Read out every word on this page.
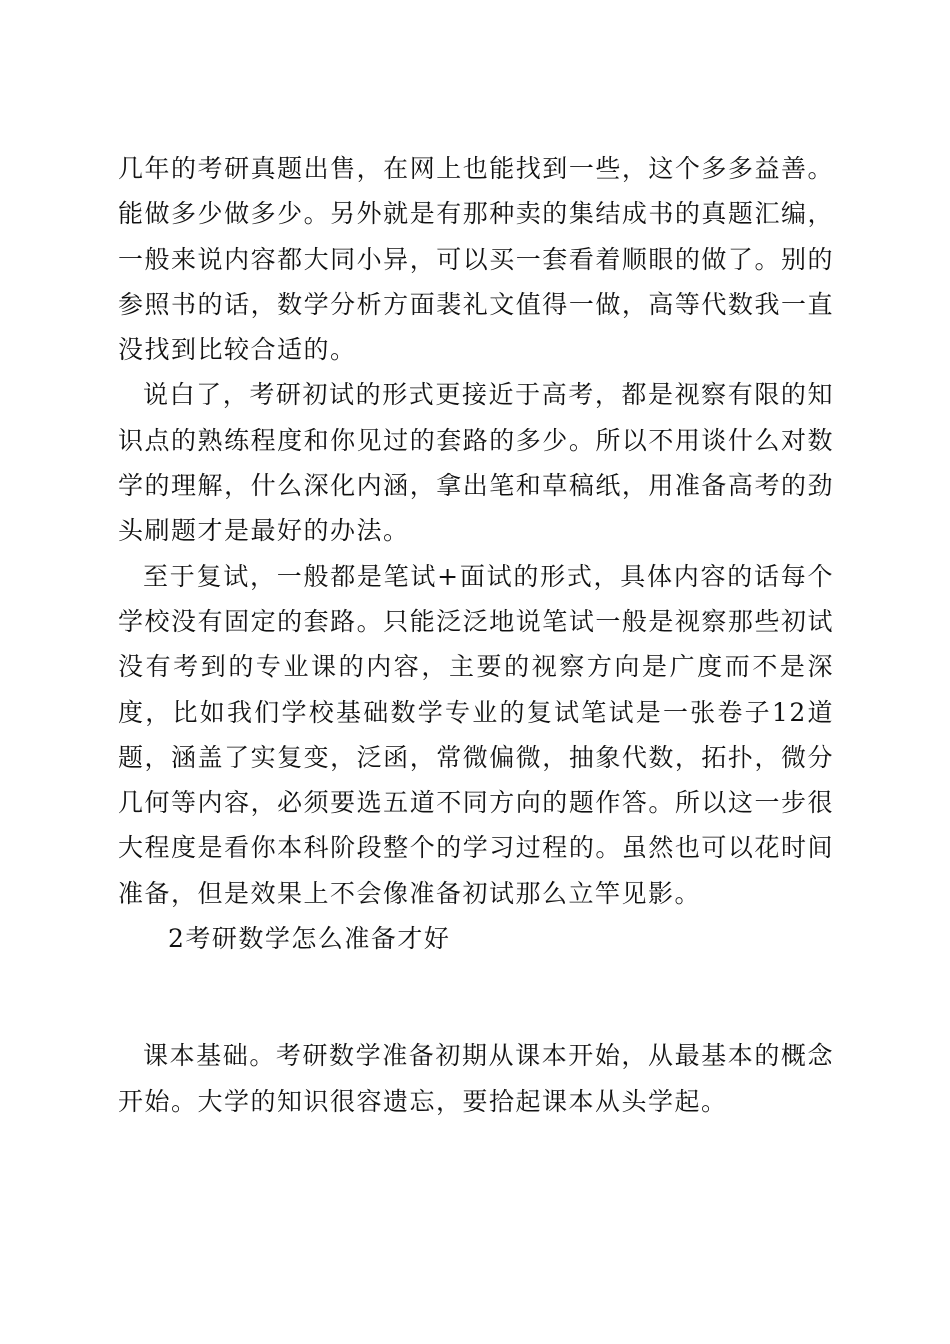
几年的考研真题出售，在网上也能找到一些，这个多多益善。能做多少做多少。另外就是有那种卖的集结成书的真题汇编，一般来说内容都大同小异，可以买一套看着顺眼的做了。别的参照书的话，数学分析方面裴礼文值得一做，高等代数我一直没找到比较合适的。

说白了，考研初试的形式更接近于高考，都是视察有限的知识点的熟练程度和你见过的套路的多少。所以不用谈什么对数学的理解，什么深化内涵，拿出笔和草稿纸，用准备高考的劲头刷题才是最好的办法。

至于复试，一般都是笔试+面试的形式，具体内容的话每个学校没有固定的套路。只能泛泛地说笔试一般是视察那些初试没有考到的专业课的内容，主要的视察方向是广度而不是深度，比如我们学校基础数学专业的复试笔试是一张卷子12道题，涵盖了实复变，泛函，常微偏微，抽象代数，拓扑，微分几何等内容，必须要选五道不同方向的题作答。所以这一步很大程度是看你本科阶段整个的学习过程的。虽然也可以花时间准备，但是效果上不会像准备初试那么立竿见影。

2考研数学怎么准备才好

课本基础。考研数学准备初期从课本开始，从最基本的概念开始。大学的知识很容遗忘，要拾起课本从头学起。
